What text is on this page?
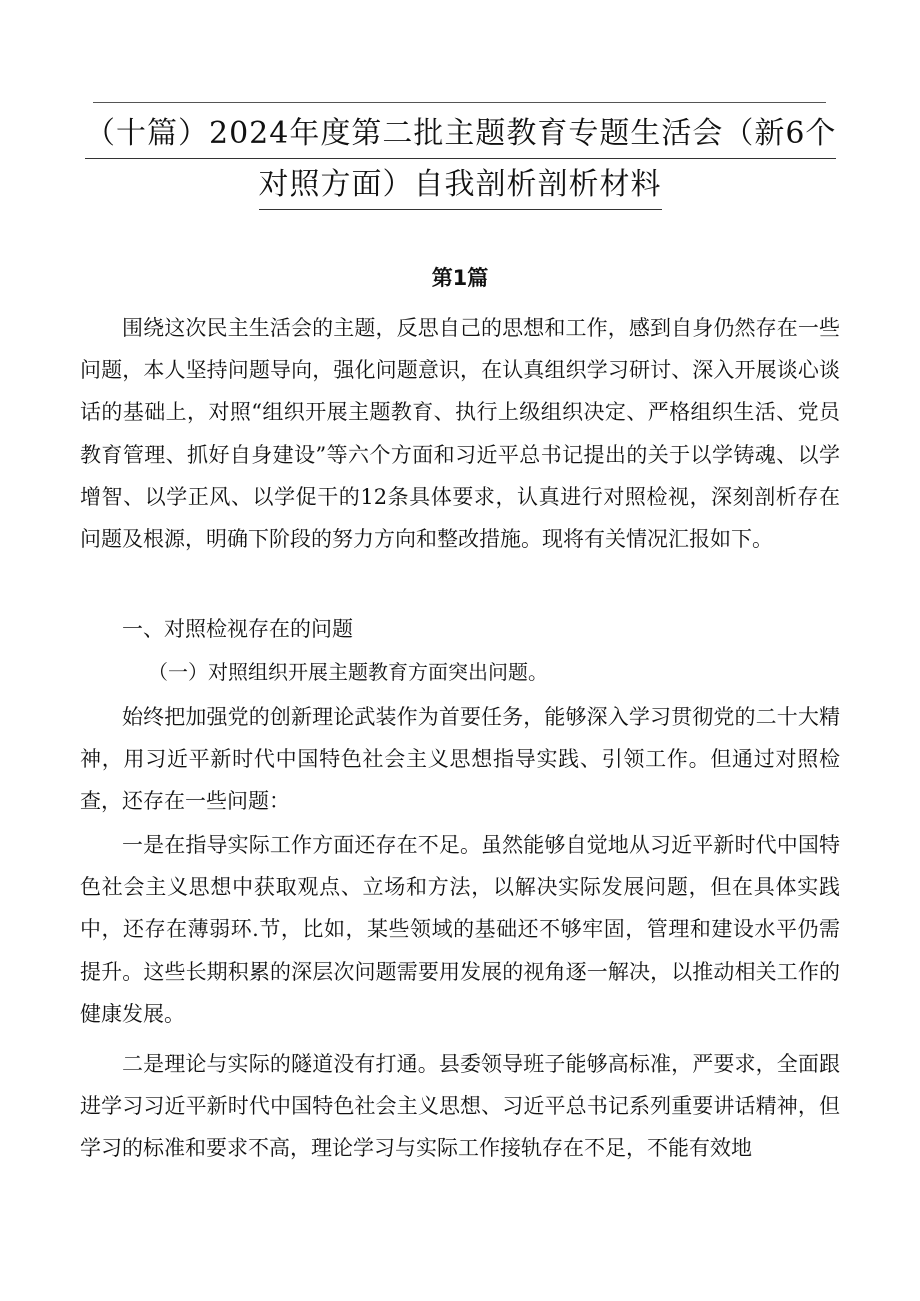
（十篇）2024年度第二批主题教育专题生活会（新6个
对照方面）自我剖析剖析材料
第1篇

围绕这次民主生活会的主题，反思自己的思想和工作，感到自身仍然存在一些问题，本人坚持问题导向，强化问题意识，在认真组织学习研讨、深入开展谈心谈话的基础上，对照“组织开展主题教育、执行上级组织决定、严格组织生活、党员教育管理、抓好自身建设”等六个方面和习近平总书记提出的关于以学铸魂、以学增智、以学正风、以学促干的12条具体要求，认真进行对照检视，深刻剖析存在问题及根源，明确下阶段的努力方向和整改措施。现将有关情况汇报如下。

一、对照检视存在的问题

（一）对照组织开展主题教育方面突出问题。

始终把加强党的创新理论武装作为首要任务，能够深入学习贯彻党的二十大精神，用习近平新时代中国特色社会主义思想指导实践、引领工作。但通过对照检查，还存在一些问题：

一是在指导实际工作方面还存在不足。虽然能够自觉地从习近平新时代中国特色社会主义思想中获取观点、立场和方法，以解决实际发展问题，但在具体实践中，还存在薄弱环.节，比如，某些领域的基础还不够牢固，管理和建设水平仍需提升。这些长期积累的深层次问题需要用发展的视角逐一解决，以推动相关工作的健康发展。

二是理论与实际的隧道没有打通。县委领导班子能够高标准，严要求，全面跟进学习习近平新时代中国特色社会主义思想、习近平总书记系列重要讲话精神，但学习的标准和要求不高，理论学习与实际工作接轨存在不足，不能有效地
